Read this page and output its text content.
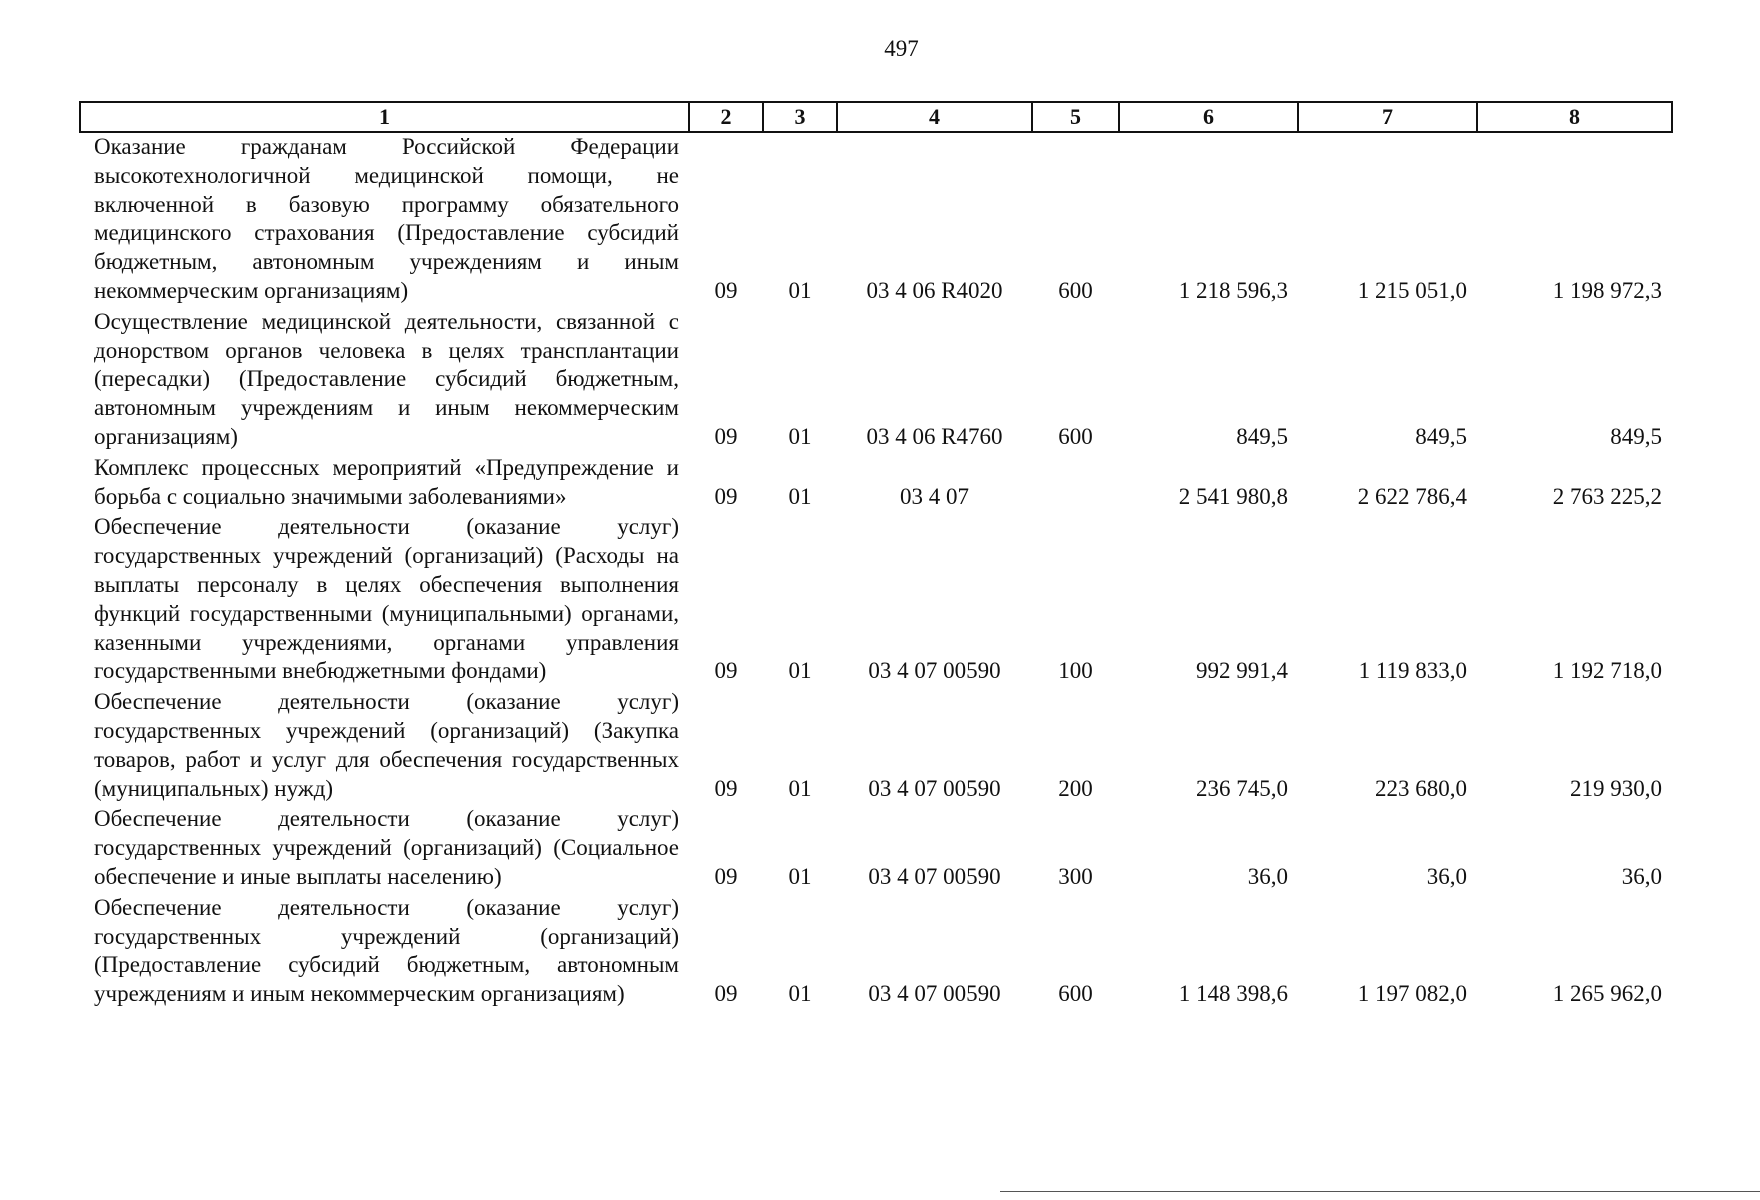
497
1	2	3	4	5	6	7	8
Оказание гражданам Российской Федерации высокотехнологичной медицинской помощи, не включенной в базовую программу обязательного медицинского страхования (Предоставление субсидий бюджетным, автономным учреждениям и иным некоммерческим организациям)	09	01	03 4 06 R4020	600	1 218 596,3	1 215 051,0	1 198 972,3
Осуществление медицинской деятельности, связанной с донорством органов человека в целях трансплантации (пересадки) (Предоставление субсидий бюджетным, автономным учреждениям и иным некоммерческим организациям)	09	01	03 4 06 R4760	600	849,5	849,5	849,5
Комплекс процессных мероприятий «Предупреждение и борьба с социально значимыми заболеваниями»	09	01	03 4 07		2 541 980,8	2 622 786,4	2 763 225,2
Обеспечение деятельности (оказание услуг) государственных учреждений (организаций) (Расходы на выплаты персоналу в целях обеспечения выполнения функций государственными (муниципальными) органами, казенными учреждениями, органами управления государственными внебюджетными фондами)	09	01	03 4 07 00590	100	992 991,4	1 119 833,0	1 192 718,0
Обеспечение деятельности (оказание услуг) государственных учреждений (организаций) (Закупка товаров, работ и услуг для обеспечения государственных (муниципальных) нужд)	09	01	03 4 07 00590	200	236 745,0	223 680,0	219 930,0
Обеспечение деятельности (оказание услуг) государственных учреждений (организаций) (Социальное обеспечение и иные выплаты населению)	09	01	03 4 07 00590	300	36,0	36,0	36,0
Обеспечение деятельности (оказание услуг) государственных учреждений (организаций) (Предоставление субсидий бюджетным, автономным учреждениям и иным некоммерческим организациям)	09	01	03 4 07 00590	600	1 148 398,6	1 197 082,0	1 265 962,0
